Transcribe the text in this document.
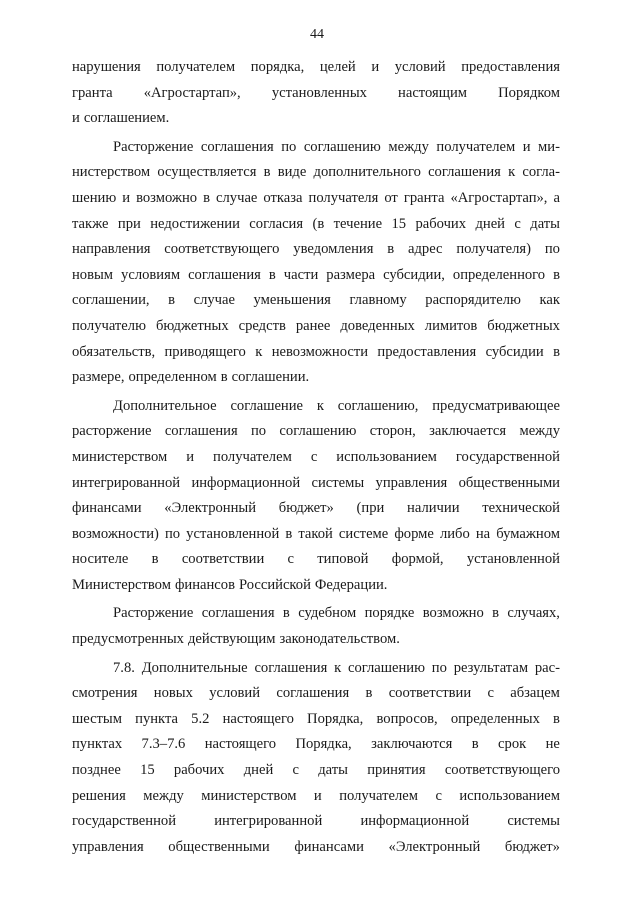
44
нарушения получателем порядка, целей и условий предоставления
гранта «Агростартап», установленных настоящим Порядком
и соглашением.
Расторжение соглашения по соглашению между получателем и ми-
нистерством осуществляется в виде дополнительного соглашения к согла-
шению и возможно в случае отказа получателя от гранта «Агростартап», а
также при недостижении согласия (в течение 15 рабочих дней с даты
направления соответствующего уведомления в адрес получателя) по
новым условиям соглашения в части размера субсидии, определенного в
соглашении, в случае уменьшения главному распорядителю как
получателю бюджетных средств ранее доведенных лимитов бюджетных
обязательств, приводящего к невозможности предоставления субсидии в
размере, определенном в соглашении.
Дополнительное соглашение к соглашению, предусматривающее
расторжение соглашения по соглашению сторон, заключается между
министерством и получателем с использованием государственной
интегрированной информационной системы управления общественными
финансами «Электронный бюджет» (при наличии технической
возможности) по установленной в такой системе форме либо на бумажном
носителе в соответствии с типовой формой, установленной
Министерством финансов Российской Федерации.
Расторжение соглашения в судебном порядке возможно в случаях,
предусмотренных действующим законодательством.
7.8. Дополнительные соглашения к соглашению по результатам рас-
смотрения новых условий соглашения в соответствии с абзацем
шестым пункта 5.2 настоящего Порядка, вопросов, определенных в
пунктах 7.3–7.6 настоящего Порядка, заключаются в срок не
позднее 15 рабочих дней с даты принятия соответствующего
решения между министерством и получателем с использованием
государственной	интегрированной	информационной	системы
управления общественными финансами «Электронный бюджет»
